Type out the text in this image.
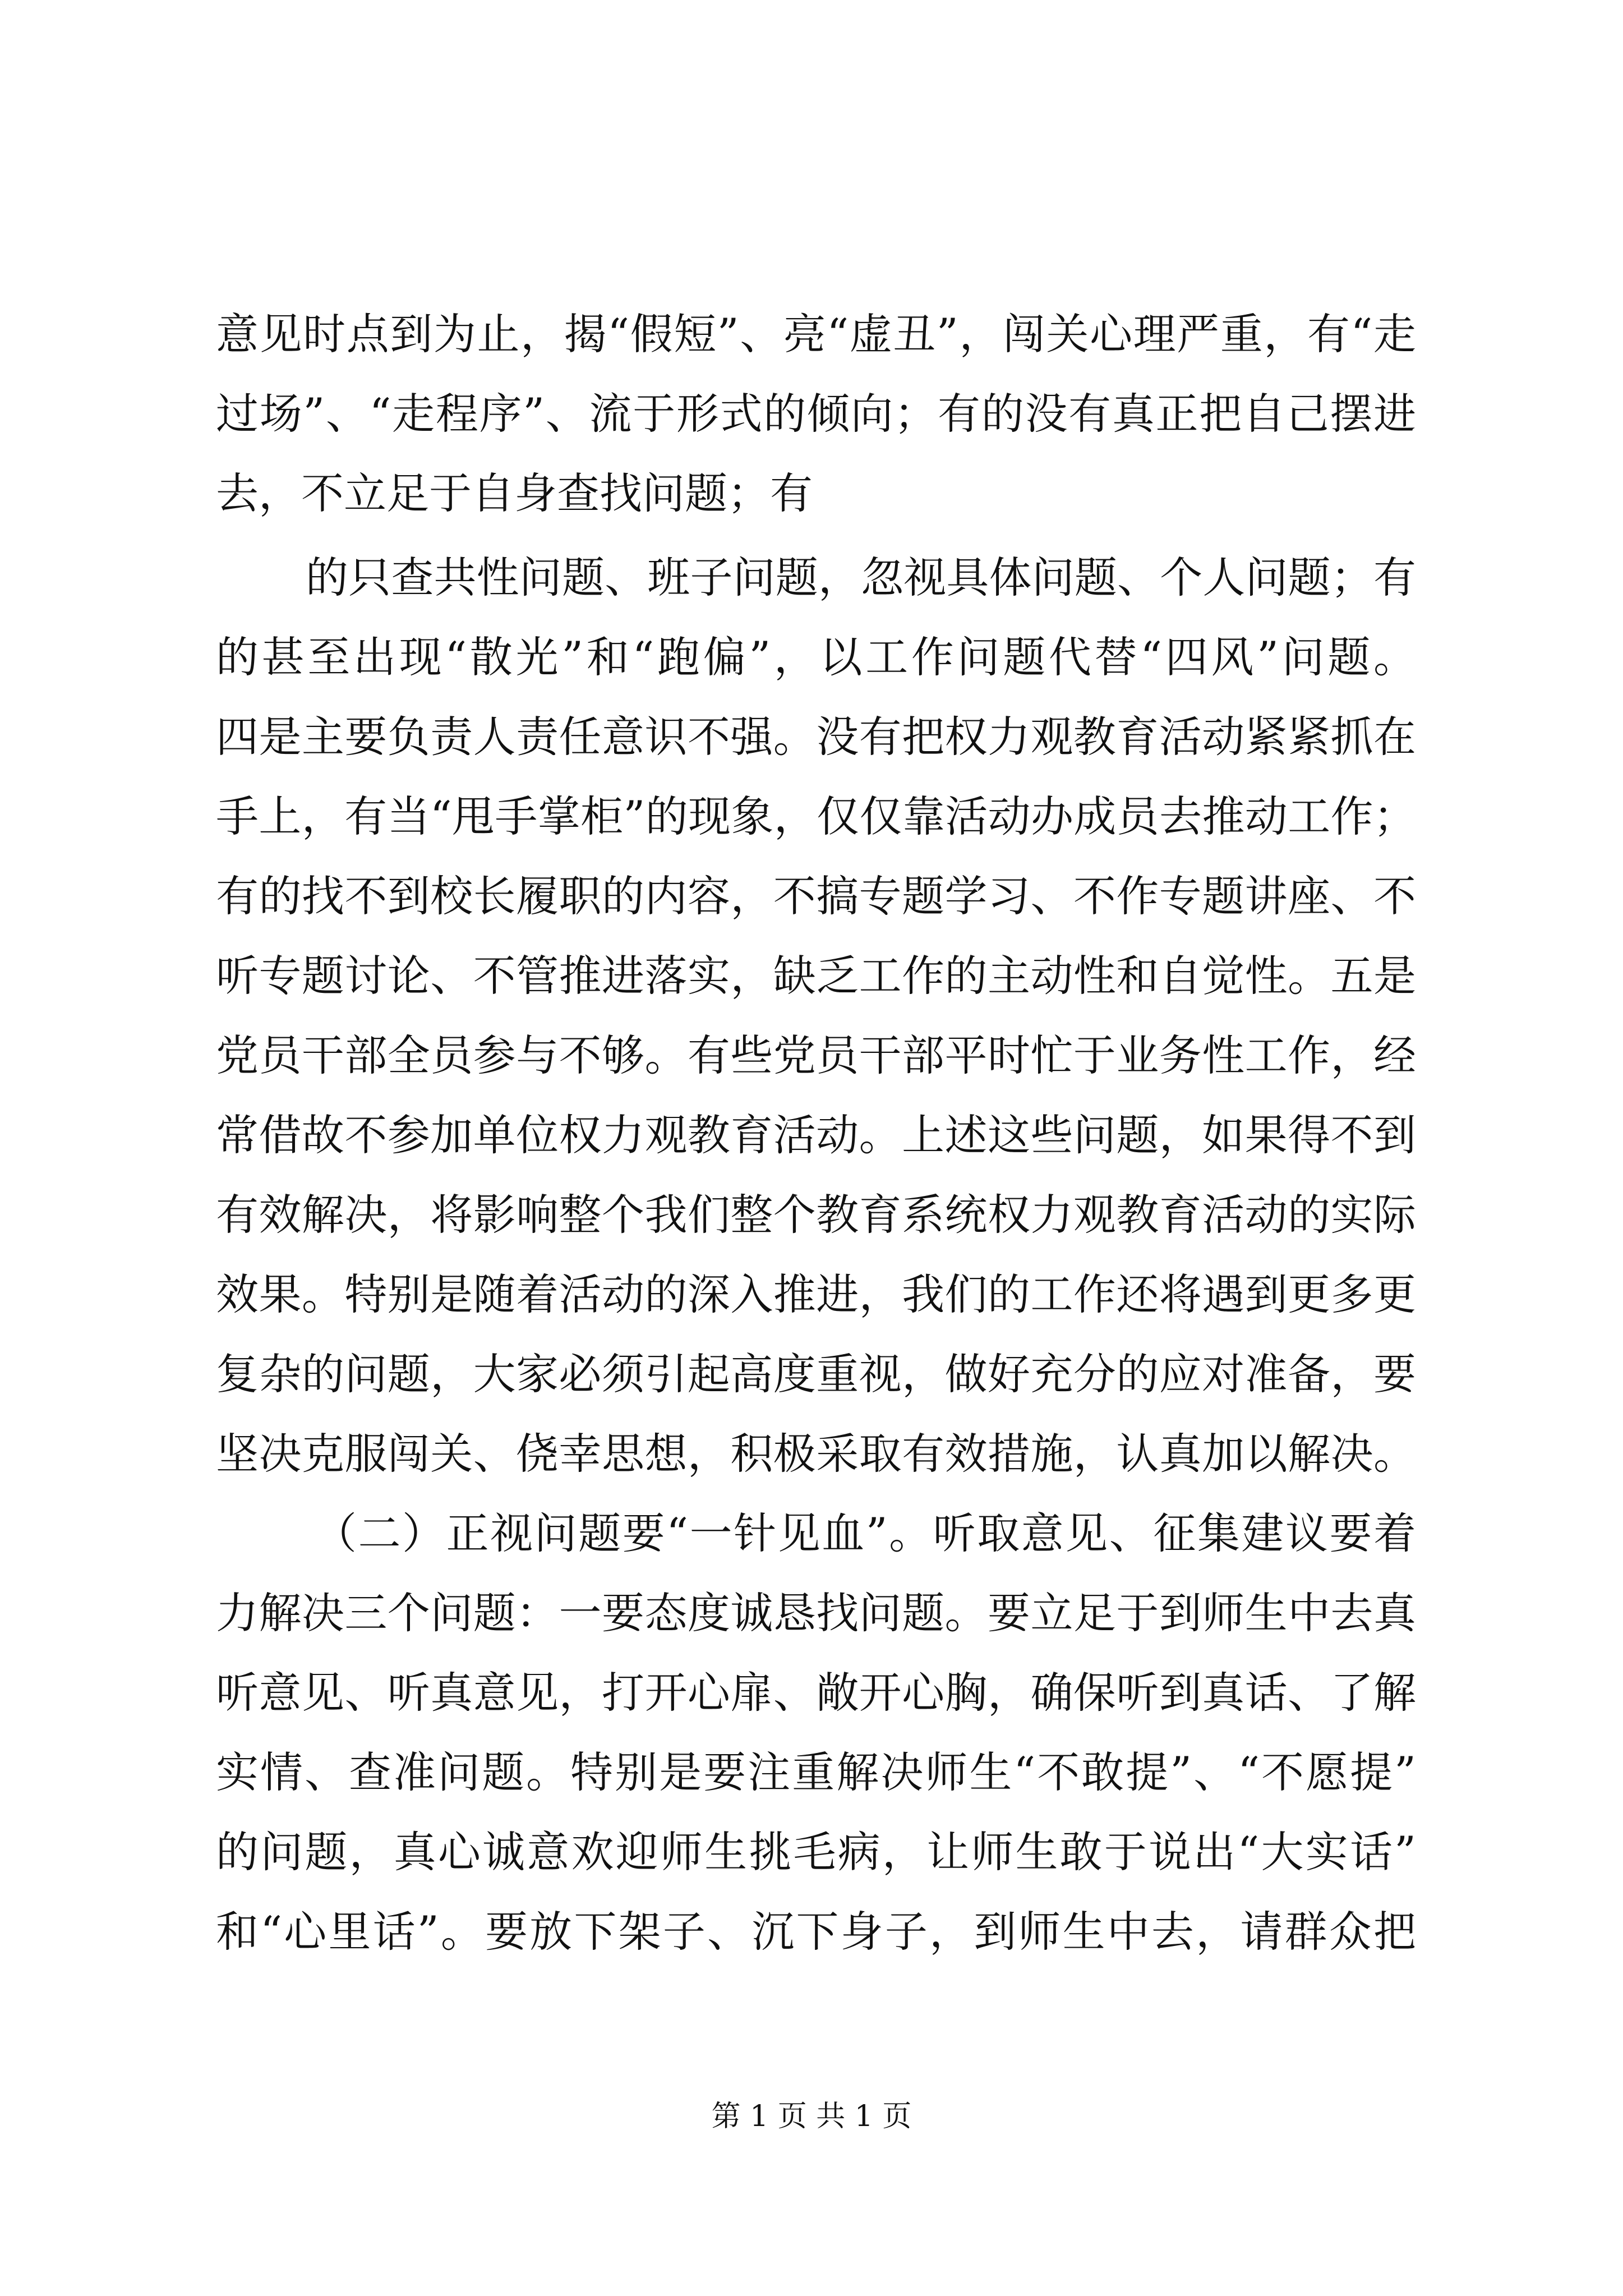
意见时点到为止，揭“假短”、亮“虚丑”，闯关心理严重，有“走
过场”、“走程序”、流于形式的倾向；有的没有真正把自己摆进
去，不立足于自身查找问题；有
的只查共性问题、班子问题，忽视具体问题、个人问题；有
的甚至出现“散光”和“跑偏”，以工作问题代替“四风”问题。
四是主要负责人责任意识不强。没有把权力观教育活动紧紧抓在
手上，有当“甩手掌柜”的现象，仅仅靠活动办成员去推动工作；
有的找不到校长履职的内容，不搞专题学习、不作专题讲座、不
听专题讨论、不管推进落实，缺乏工作的主动性和自觉性。五是
党员干部全员参与不够。有些党员干部平时忙于业务性工作，经
常借故不参加单位权力观教育活动。上述这些问题，如果得不到
有效解决，将影响整个我们整个教育系统权力观教育活动的实际
效果。特别是随着活动的深入推进，我们的工作还将遇到更多更
复杂的问题，大家必须引起高度重视，做好充分的应对准备，要
坚决克服闯关、侥幸思想，积极采取有效措施，认真加以解决。
（二）正视问题要“一针见血”。听取意见、征集建议要着
力解决三个问题：一要态度诚恳找问题。要立足于到师生中去真
听意见、听真意见，打开心扉、敞开心胸，确保听到真话、了解
实情、查准问题。特别是要注重解决师生“不敢提”、“不愿提”
的问题，真心诚意欢迎师生挑毛病，让师生敢于说出“大实话”
和“心里话”。要放下架子、沉下身子，到师生中去，请群众把
第 1 页 共 1 页
